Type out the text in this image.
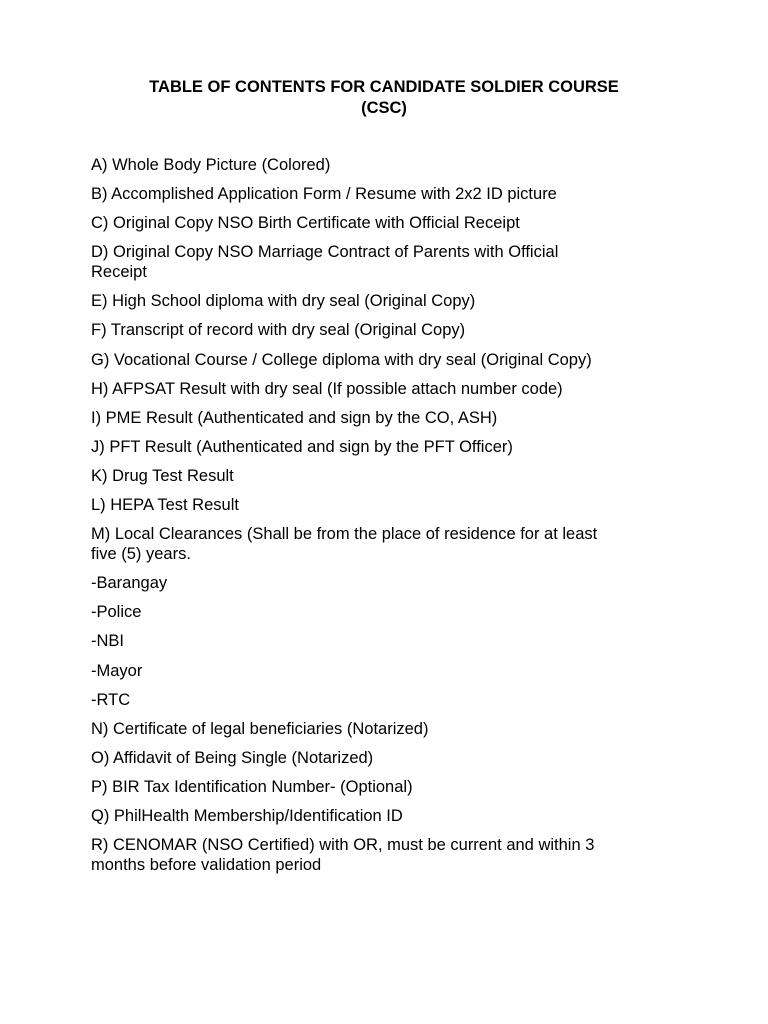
TABLE OF CONTENTS FOR CANDIDATE SOLDIER COURSE
(CSC)
A) Whole Body Picture (Colored)
B) Accomplished Application Form / Resume with 2x2 ID picture
C) Original Copy NSO Birth Certificate with Official Receipt
D) Original Copy NSO Marriage Contract of Parents with Official
Receipt
E) High School diploma with dry seal (Original Copy)
F) Transcript of record with dry seal (Original Copy)
G) Vocational Course / College diploma with dry seal (Original Copy)
H) AFPSAT Result with dry seal (If possible attach number code)
I) PME Result (Authenticated and sign by the CO, ASH)
J) PFT Result (Authenticated and sign by the PFT Officer)
K) Drug Test Result
L) HEPA Test Result
M) Local Clearances (Shall be from the place of residence for at least
five (5) years.
-Barangay
-Police
-NBI
-Mayor
-RTC
N) Certificate of legal beneficiaries (Notarized)
O) Affidavit of Being Single (Notarized)
P) BIR Tax Identification Number- (Optional)
Q) PhilHealth Membership/Identification ID
R) CENOMAR (NSO Certified) with OR, must be current and within 3
months before validation period
